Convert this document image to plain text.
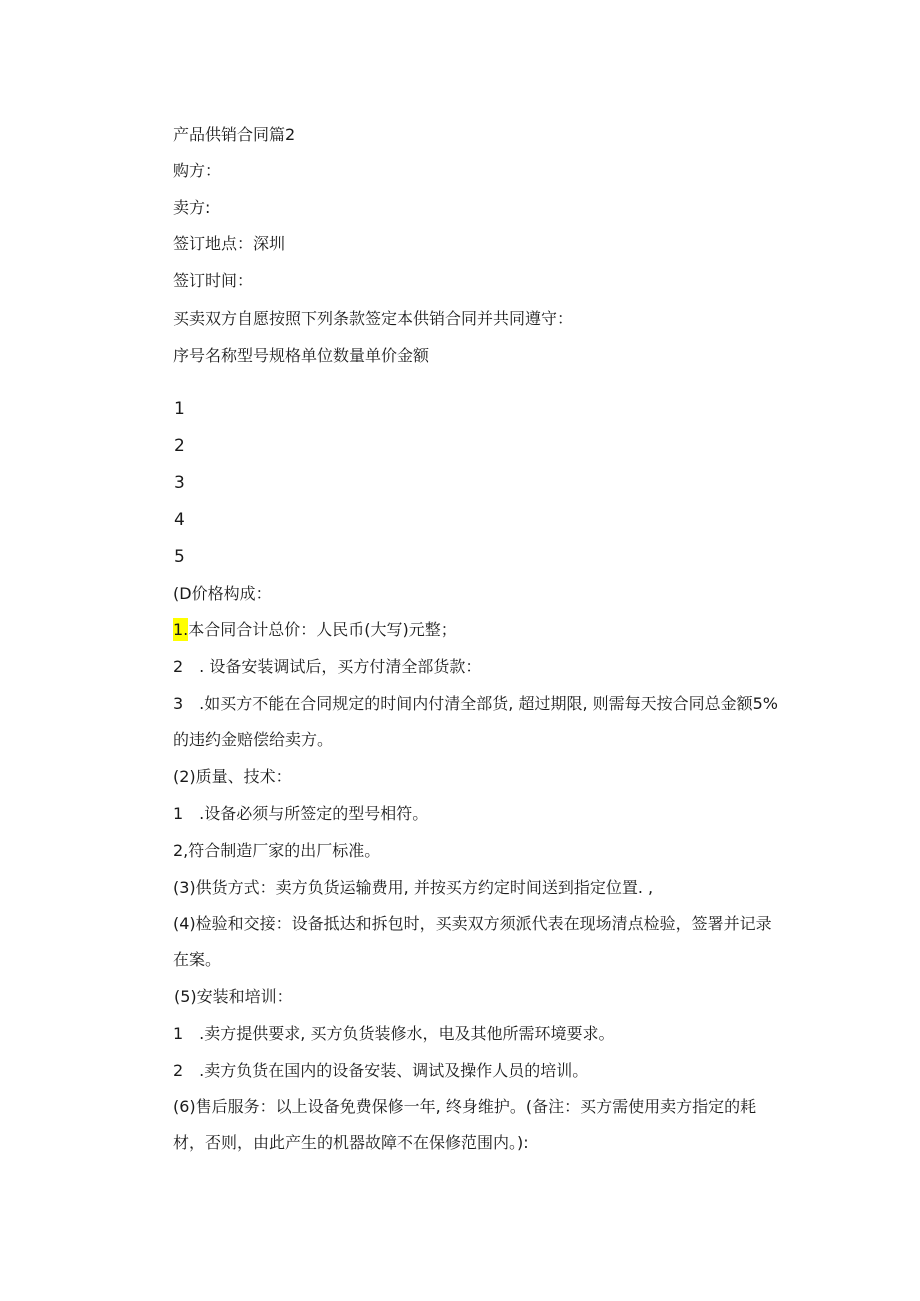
产品供销合同篇2
购方：
卖方:
签订地点：深圳
签订时间：
买卖双方自愿按照下列条款签定本供销合同并共同遵守：
序号名称型号规格单位数量单价金额
1
2
3
4
5
(D价格构成：
1.本合同合计总价：人民币(大写)元整；
2　. 设备安装调试后，买方付清全部货款：
3　.如买方不能在合同规定的时间内付清全部货, 超过期限, 则需每天按合同总金额5%的违约金赔偿给卖方。
(2)质量、技术：
1　.设备必须与所签定的型号相符。
2,符合制造厂家的出厂标准。
(3)供货方式：卖方负货运输费用, 并按买方约定时间送到指定位置. ,
(4)检验和交接：设备抵达和拆包时，买卖双方须派代表在现场清点检验，签署并记录在案。
(5)安装和培训：
1　.卖方提供要求, 买方负货装修水，电及其他所需环境要求。
2　.卖方负货在国内的设备安装、调试及操作人员的培训。
(6)售后服务：以上设备免费保修一年, 终身维护。(备注：买方需使用卖方指定的耗材，否则，由此产生的机器故障不在保修范围内。):
